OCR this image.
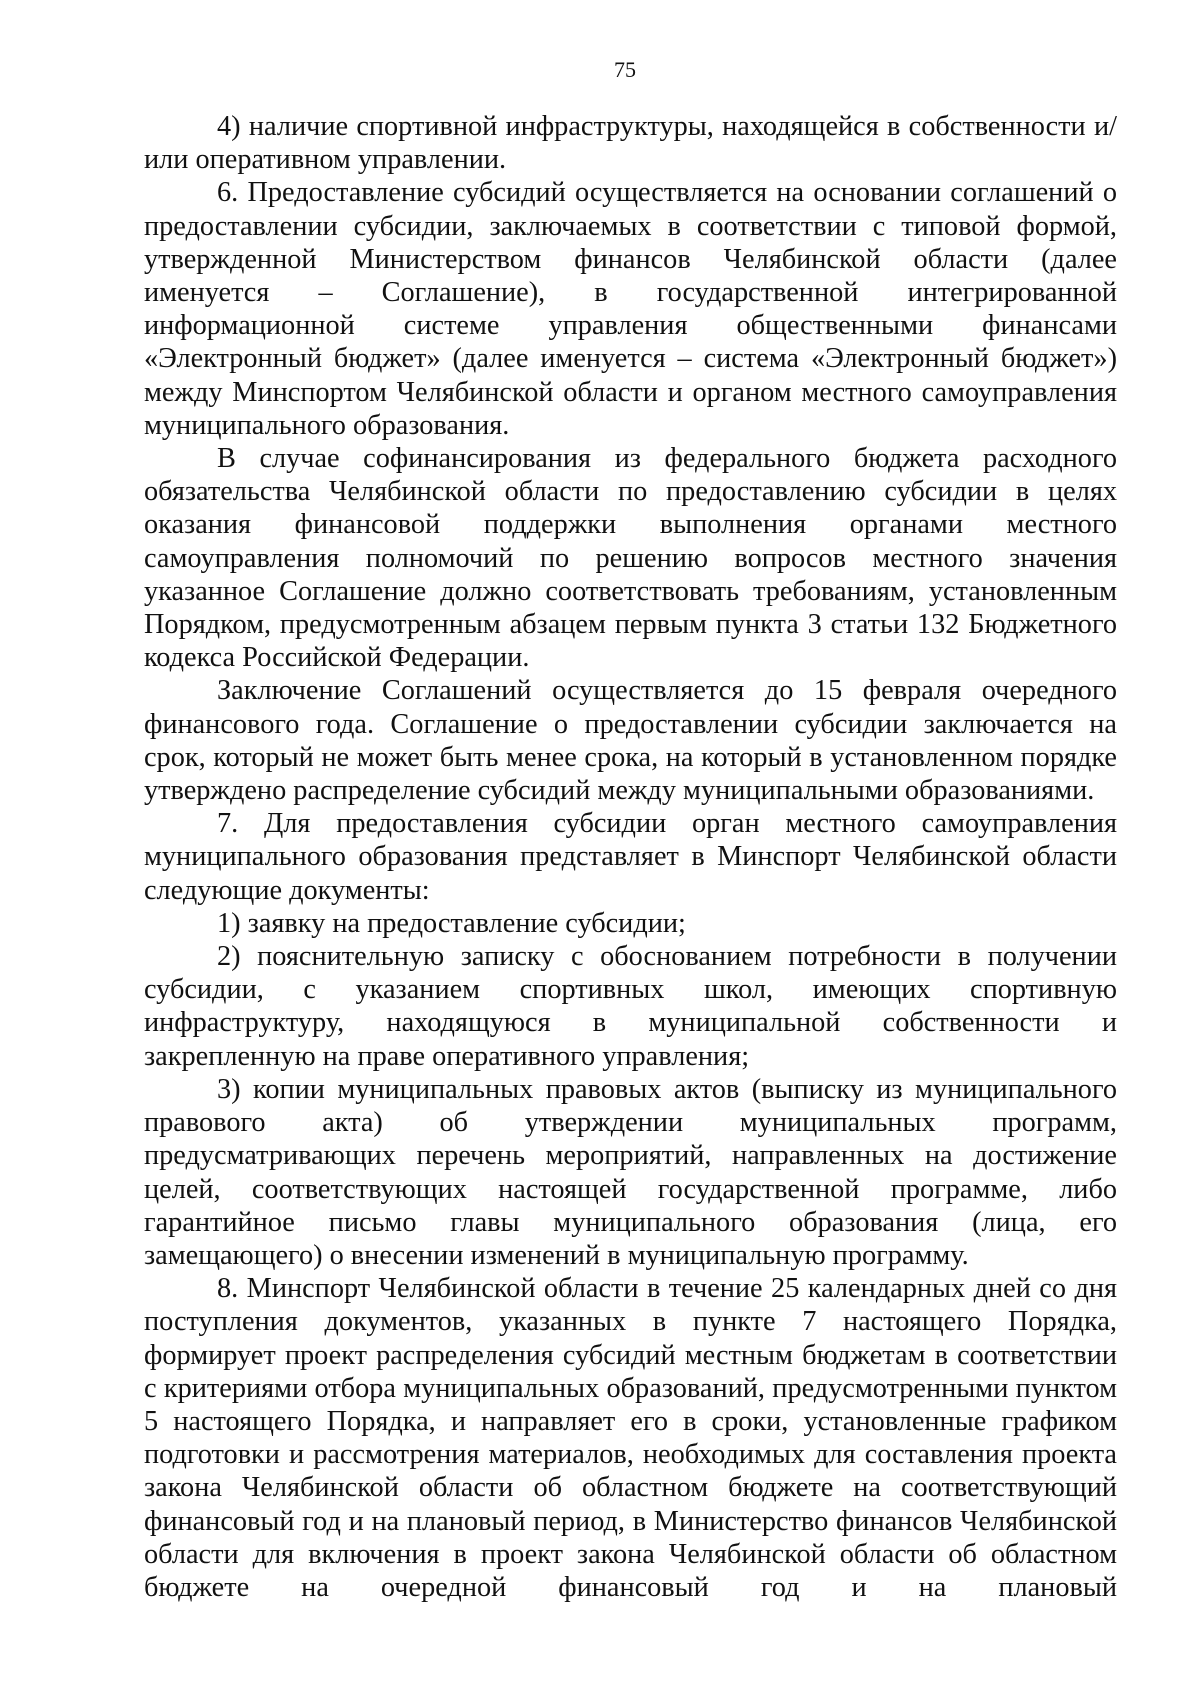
75

4) наличие спортивной инфраструктуры, находящейся в собственности и/или оперативном управлении.

6. Предоставление субсидий осуществляется на основании соглашений о предоставлении субсидии, заключаемых в соответствии с типовой формой, утвержденной Министерством финансов Челябинской области (далее именуется – Соглашение), в государственной интегрированной информационной системе управления общественными финансами «Электронный бюджет» (далее именуется – система «Электронный бюджет») между Минспортом Челябинской области и органом местного самоуправления муниципального образования.

В случае софинансирования из федерального бюджета расходного обязательства Челябинской области по предоставлению субсидии в целях оказания финансовой поддержки выполнения органами местного самоуправления полномочий по решению вопросов местного значения указанное Соглашение должно соответствовать требованиям, установленным Порядком, предусмотренным абзацем первым пункта 3 статьи 132 Бюджетного кодекса Российской Федерации.

Заключение Соглашений осуществляется до 15 февраля очередного финансового года. Соглашение о предоставлении субсидии заключается на срок, который не может быть менее срока, на который в установленном порядке утверждено распределение субсидий между муниципальными образованиями.

7. Для предоставления субсидии орган местного самоуправления муниципального образования представляет в Минспорт Челябинской области следующие документы:

1) заявку на предоставление субсидии;

2) пояснительную записку с обоснованием потребности в получении субсидии, с указанием спортивных школ, имеющих спортивную инфраструктуру, находящуюся в муниципальной собственности и закрепленную на праве оперативного управления;

3) копии муниципальных правовых актов (выписку из муниципального правового акта) об утверждении муниципальных программ, предусматривающих перечень мероприятий, направленных на достижение целей, соответствующих настоящей государственной программе, либо гарантийное письмо главы муниципального образования (лица, его замещающего) о внесении изменений в муниципальную программу.

8. Минспорт Челябинской области в течение 25 календарных дней со дня поступления документов, указанных в пункте 7 настоящего Порядка, формирует проект распределения субсидий местным бюджетам в соответствии с критериями отбора муниципальных образований, предусмотренными пунктом 5 настоящего Порядка, и направляет его в сроки, установленные графиком подготовки и рассмотрения материалов, необходимых для составления проекта закона Челябинской области об областном бюджете на соответствующий финансовый год и на плановый период, в Министерство финансов Челябинской области для включения в проект закона Челябинской области об областном бюджете на очередной финансовый год и на плановый
